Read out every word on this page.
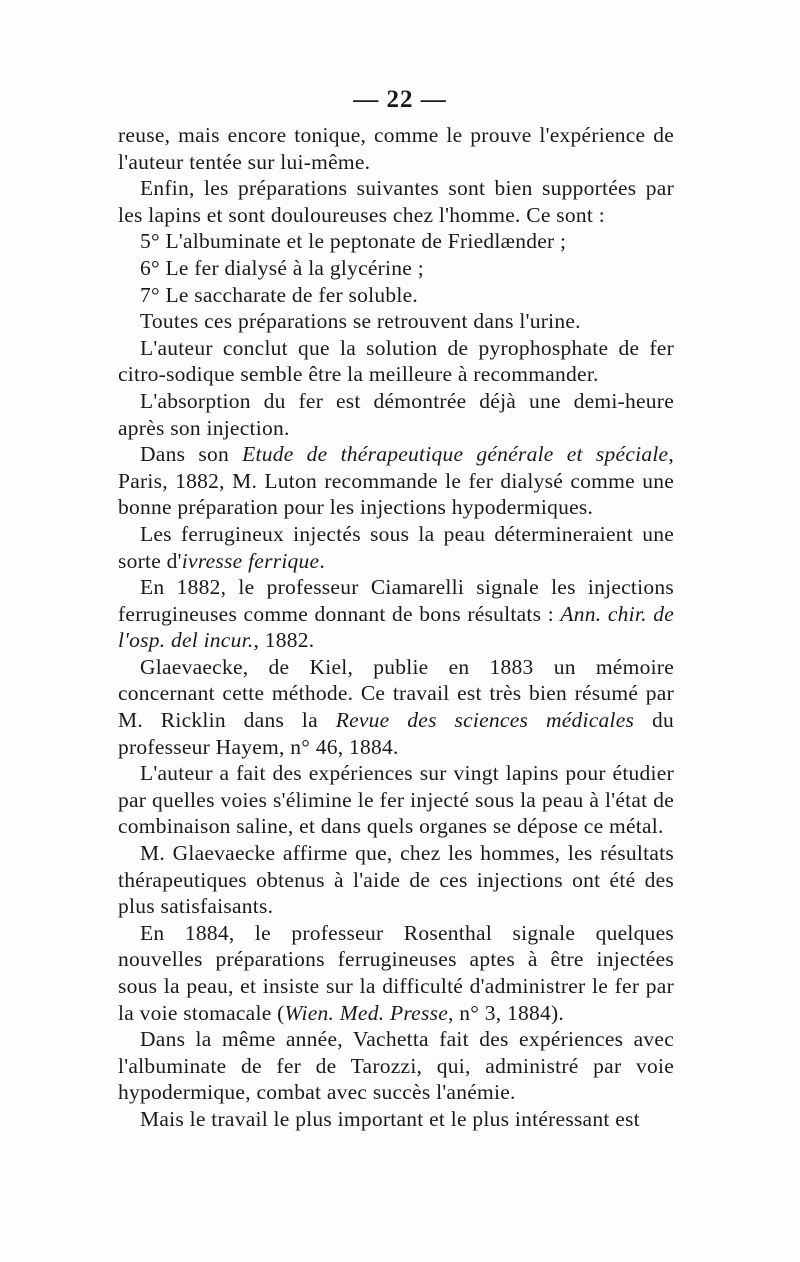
— 22 —

reuse, mais encore tonique, comme le prouve l'expérience de l'auteur tentée sur lui-même.

Enfin, les préparations suivantes sont bien supportées par les lapins et sont douloureuses chez l'homme. Ce sont :

5° L'albuminate et le peptonate de Friedlænder ;

6° Le fer dialysé à la glycérine ;

7° Le saccharate de fer soluble.

Toutes ces préparations se retrouvent dans l'urine.

L'auteur conclut que la solution de pyrophosphate de fer citro-sodique semble être la meilleure à recommander.

L'absorption du fer est démontrée déjà une demi-heure après son injection.

Dans son Etude de thérapeutique générale et spéciale, Paris, 1882, M. Luton recommande le fer dialysé comme une bonne préparation pour les injections hypodermiques.

Les ferrugineux injectés sous la peau détermineraient une sorte d'ivresse ferrique.

En 1882, le professeur Ciamarelli signale les injections ferrugineuses comme donnant de bons résultats : Ann. chir. de l'osp. del incur., 1882.

Glaevaecke, de Kiel, publie en 1883 un mémoire concernant cette méthode. Ce travail est très bien résumé par M. Ricklin dans la Revue des sciences médicales du professeur Hayem, n° 46, 1884.

L'auteur a fait des expériences sur vingt lapins pour étudier par quelles voies s'élimine le fer injecté sous la peau à l'état de combinaison saline, et dans quels organes se dépose ce métal.

M. Glaevaecke affirme que, chez les hommes, les résultats thérapeutiques obtenus à l'aide de ces injections ont été des plus satisfaisants.

En 1884, le professeur Rosenthal signale quelques nouvelles préparations ferrugineuses aptes à être injectées sous la peau, et insiste sur la difficulté d'administrer le fer par la voie stomacale (Wien. Med. Presse, n° 3, 1884).

Dans la même année, Vachetta fait des expériences avec l'albuminate de fer de Tarozzi, qui, administré par voie hypodermique, combat avec succès l'anémie.

Mais le travail le plus important et le plus intéressant est
